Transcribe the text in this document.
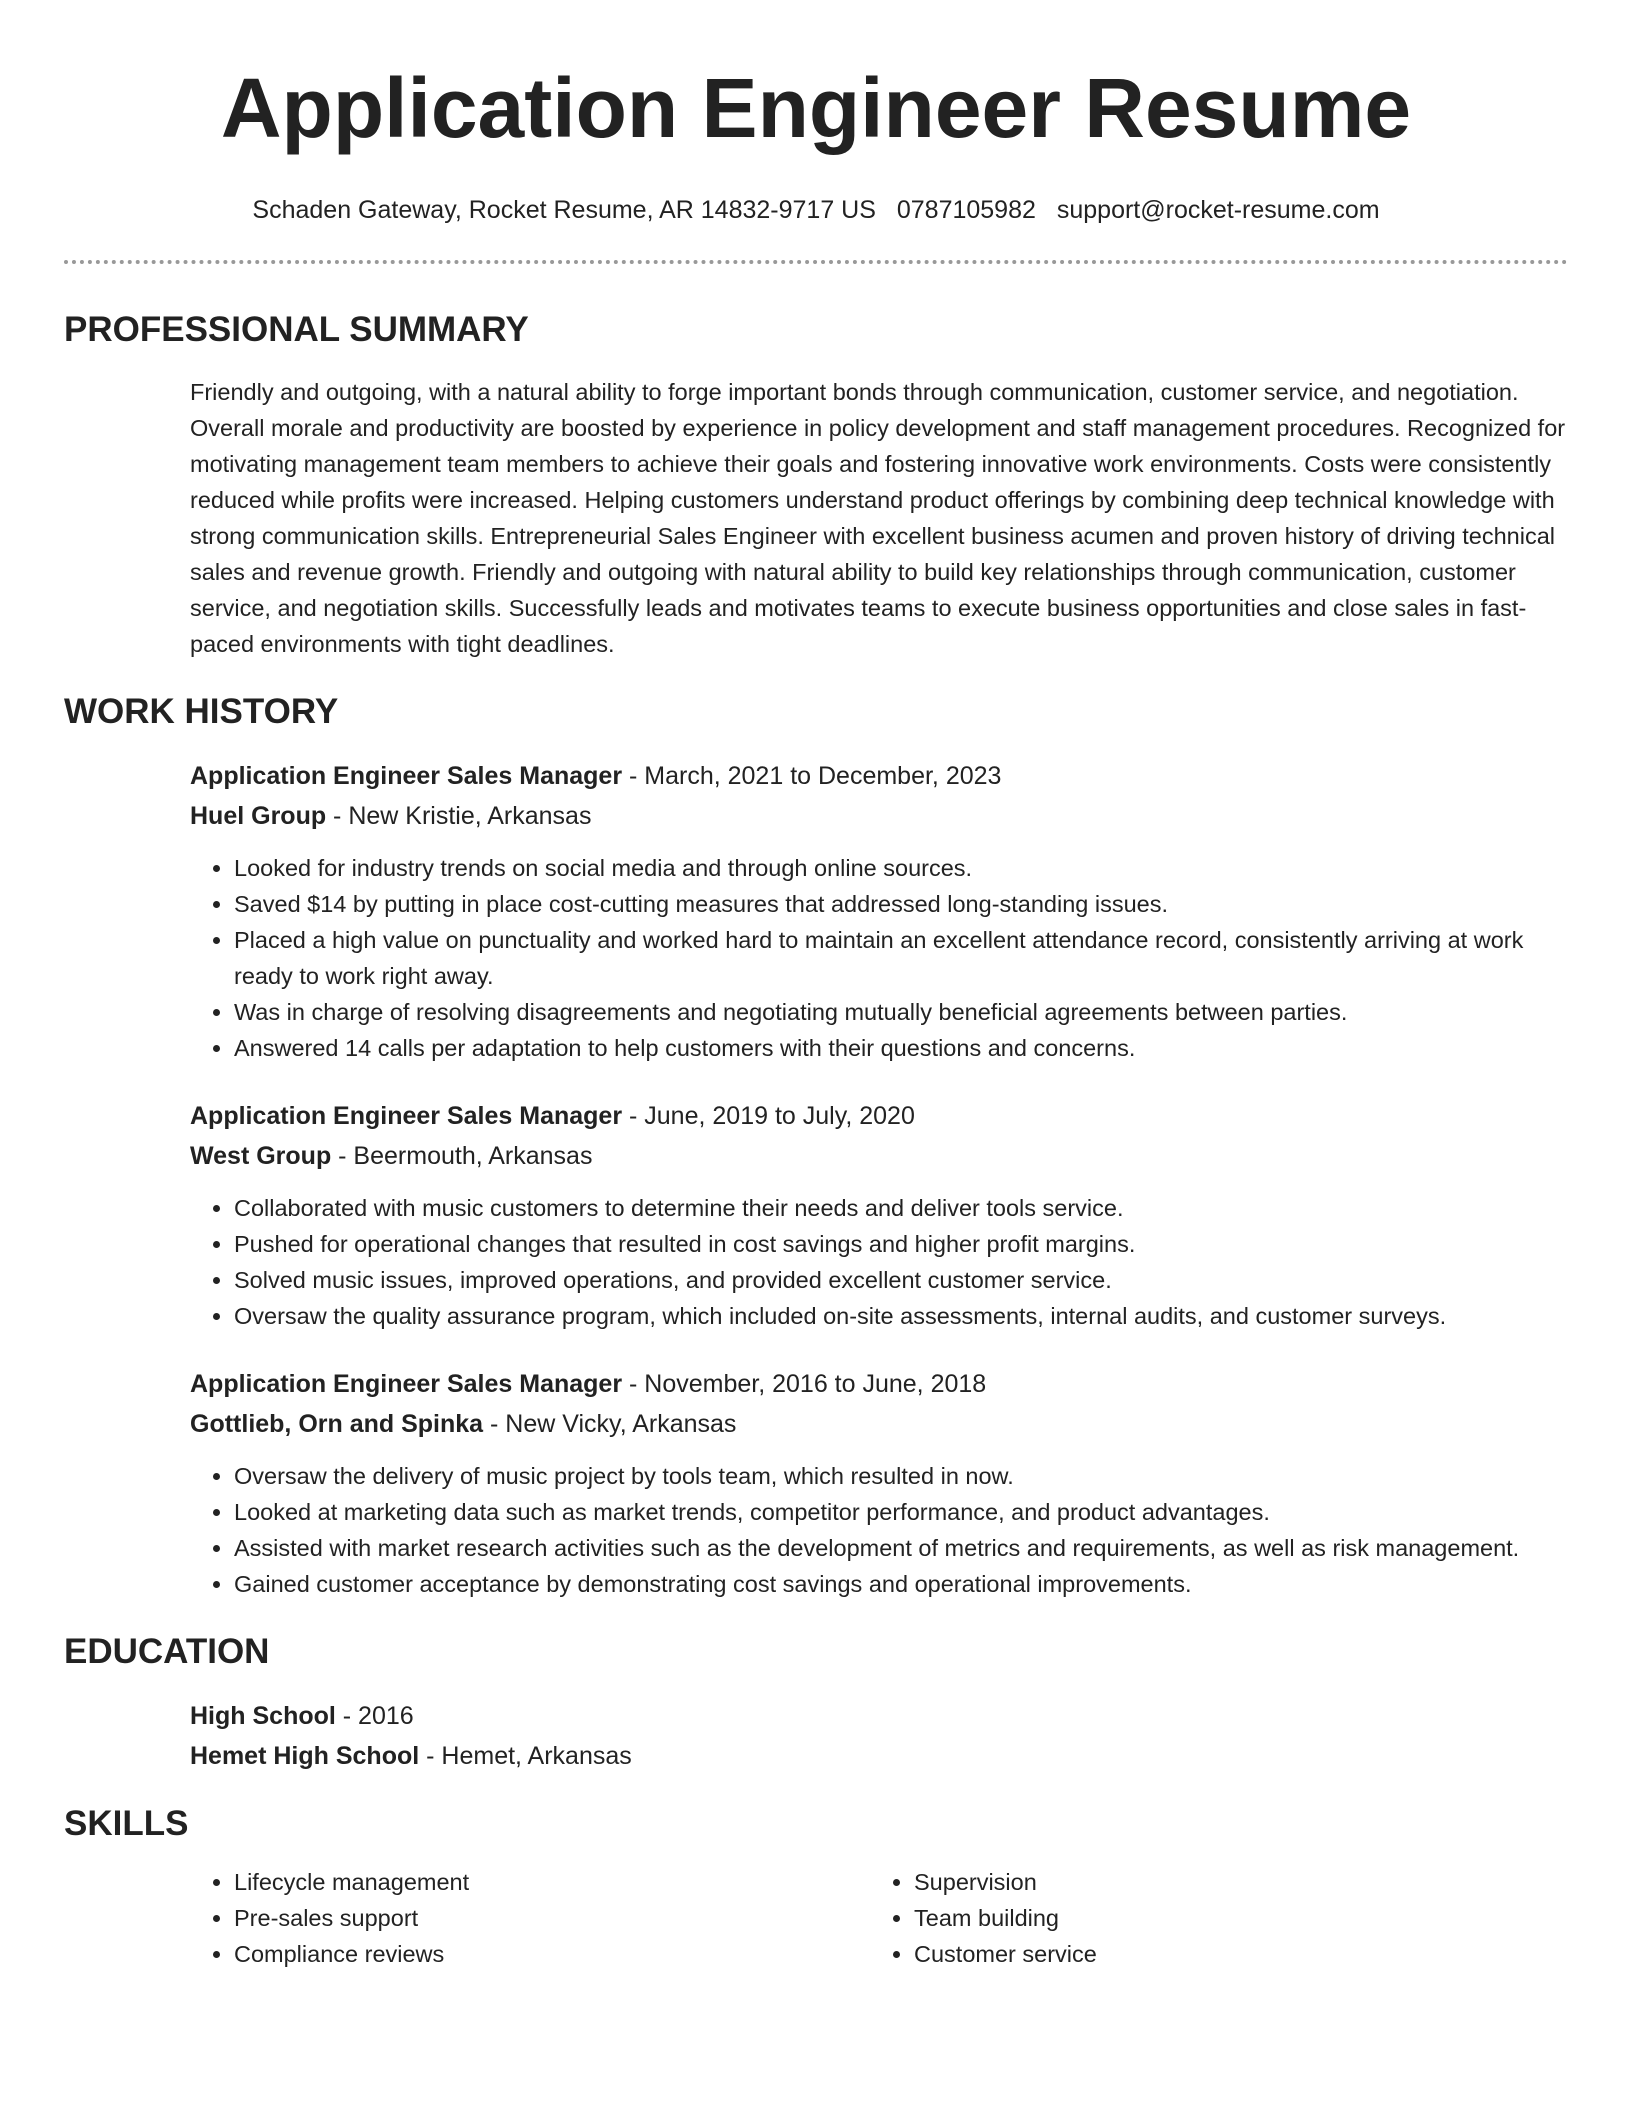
Application Engineer Resume
Schaden Gateway, Rocket Resume, AR 14832-9717 US 0787105982 support@rocket-resume.com
PROFESSIONAL SUMMARY

Friendly and outgoing, with a natural ability to forge important bonds through communication, customer service, and negotiation. Overall morale and productivity are boosted by experience in policy development and staff management procedures. Recognized for motivating management team members to achieve their goals and fostering innovative work environments. Costs were consistently reduced while profits were increased. Helping customers understand product offerings by combining deep technical knowledge with strong communication skills. Entrepreneurial Sales Engineer with excellent business acumen and proven history of driving technical sales and revenue growth. Friendly and outgoing with natural ability to build key relationships through communication, customer service, and negotiation skills. Successfully leads and motivates teams to execute business opportunities and close sales in fast-paced environments with tight deadlines.

WORK HISTORY
Application Engineer Sales Manager - March, 2021 to December, 2023
Huel Group - New Kristie, Arkansas
• Looked for industry trends on social media and through online sources.
• Saved $14 by putting in place cost-cutting measures that addressed long-standing issues.
• Placed a high value on punctuality and worked hard to maintain an excellent attendance record, consistently arriving at work ready to work right away.
• Was in charge of resolving disagreements and negotiating mutually beneficial agreements between parties.
• Answered 14 calls per adaptation to help customers with their questions and concerns.
Application Engineer Sales Manager - June, 2019 to July, 2020
West Group - Beermouth, Arkansas
• Collaborated with music customers to determine their needs and deliver tools service.
• Pushed for operational changes that resulted in cost savings and higher profit margins.
• Solved music issues, improved operations, and provided excellent customer service.
• Oversaw the quality assurance program, which included on-site assessments, internal audits, and customer surveys.
Application Engineer Sales Manager - November, 2016 to June, 2018
Gottlieb, Orn and Spinka - New Vicky, Arkansas
• Oversaw the delivery of music project by tools team, which resulted in now.
• Looked at marketing data such as market trends, competitor performance, and product advantages.
• Assisted with market research activities such as the development of metrics and requirements, as well as risk management.
• Gained customer acceptance by demonstrating cost savings and operational improvements.
EDUCATION
High School - 2016
Hemet High School - Hemet, Arkansas
SKILLS
• Lifecycle management
• Pre-sales support
• Compliance reviews
• Supervision
• Team building
• Customer service
